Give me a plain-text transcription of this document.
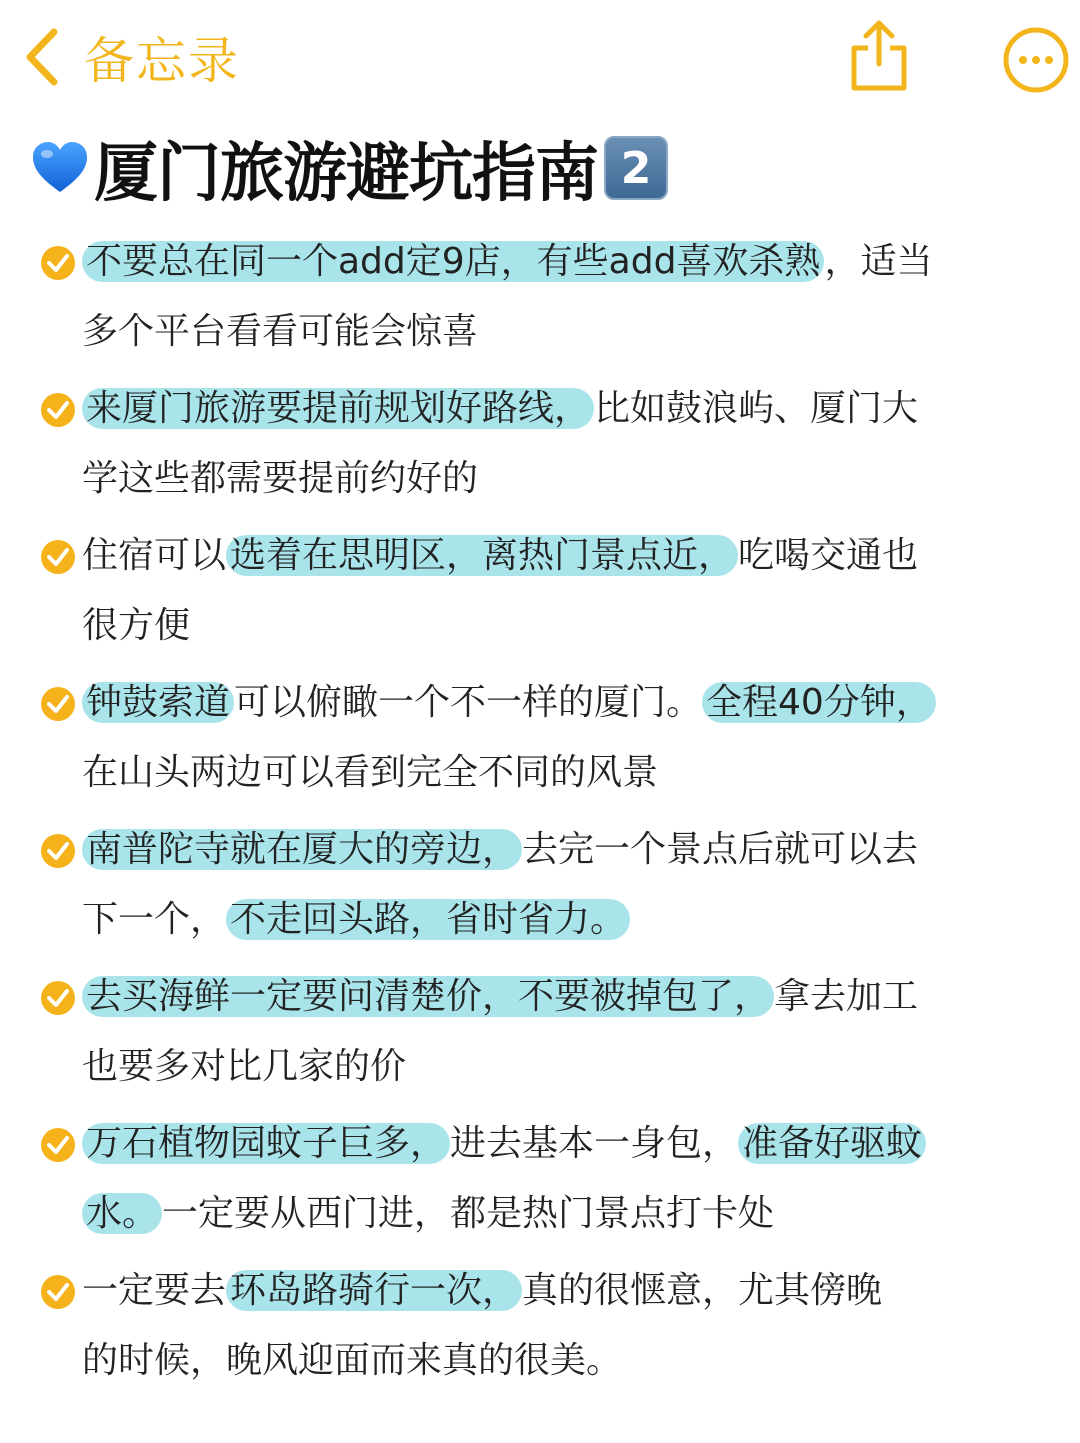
备忘录
厦门旅游避坑指南 2
不要总在同一个add定9店，有些add喜欢杀熟 ，适当
多个平台看看可能会惊喜
来厦门旅游要提前规划好路线， 比如鼓浪屿、厦门大
学这些都需要提前约好的
住宿可以 选着在思明区，离热门景点近， 吃喝交通也
很方便
钟鼓索道 可以俯瞰一个不一样的厦门。 全程40分钟，
在山头两边可以看到完全不同的风景
南普陀寺就在厦大的旁边， 去完一个景点后就可以去
下一个， 不走回头路，省时省力。
去买海鲜一定要问清楚价，不要被掉包了， 拿去加工
也要多对比几家的价
万石植物园蚊子巨多， 进去基本一身包， 准备好驱蚊
水。 一定要从西门进，都是热门景点打卡处
一定要去 环岛路骑行一次， 真的很惬意，尤其傍晚
的时候，晚风迎面而来真的很美。
